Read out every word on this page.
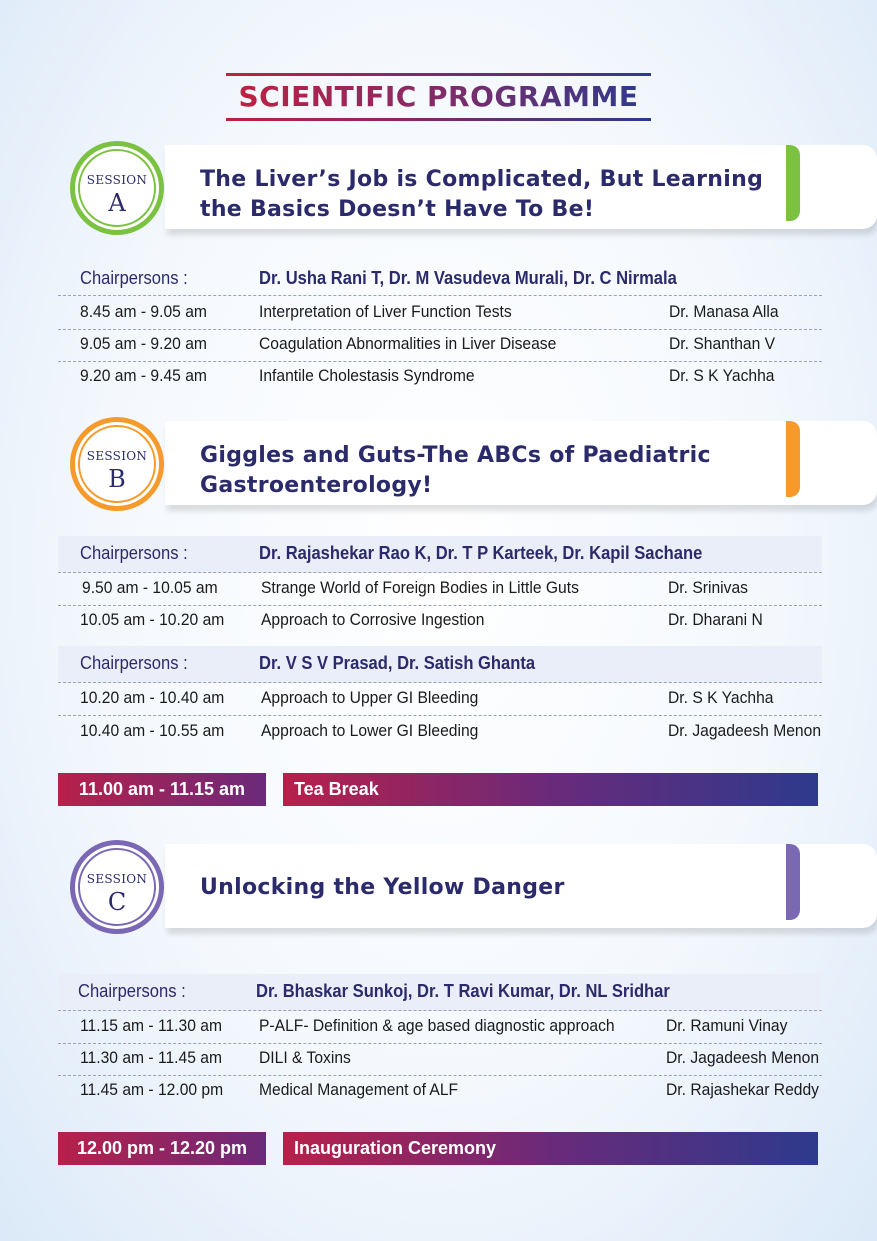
SCIENTIFIC PROGRAMME
SESSION
A
The Liver’s Job is Complicated, But Learning
the Basics Doesn’t Have To Be!
Chairpersons :	Dr. Usha Rani T, Dr. M Vasudeva Murali, Dr. C Nirmala
8.45 am - 9.05 am	Interpretation of Liver Function Tests	Dr. Manasa Alla
9.05 am - 9.20 am	Coagulation Abnormalities in Liver Disease	Dr. Shanthan V
9.20 am - 9.45 am	Infantile Cholestasis Syndrome	Dr. S K Yachha
SESSION
B
Giggles and Guts-The ABCs of Paediatric
Gastroenterology!
Chairpersons :	Dr. Rajashekar Rao K, Dr. T P Karteek, Dr. Kapil Sachane
9.50 am - 10.05 am	Strange World of Foreign Bodies in Little Guts	Dr. Srinivas
10.05 am - 10.20 am Approach to Corrosive Ingestion	Dr. Dharani N
Chairpersons :	Dr. V S V Prasad, Dr. Satish Ghanta
10.20 am - 10.40 am Approach to Upper GI Bleeding	Dr. S K Yachha
10.40 am - 10.55 am Approach to Lower GI Bleeding	Dr. Jagadeesh Menon
11.00 am - 11.15 am	Tea Break
SESSION
C
Unlocking the Yellow Danger
Chairpersons :	Dr. Bhaskar Sunkoj, Dr. T Ravi Kumar, Dr. NL Sridhar
11.15 am - 11.30 am P-ALF- Definition & age based diagnostic approach	Dr. Ramuni Vinay
11.30 am - 11.45 am DILI & Toxins	Dr. Jagadeesh Menon
11.45 am - 12.00 pm Medical Management of ALF	Dr. Rajashekar Reddy
12.00 pm - 12.20 pm	Inauguration Ceremony
